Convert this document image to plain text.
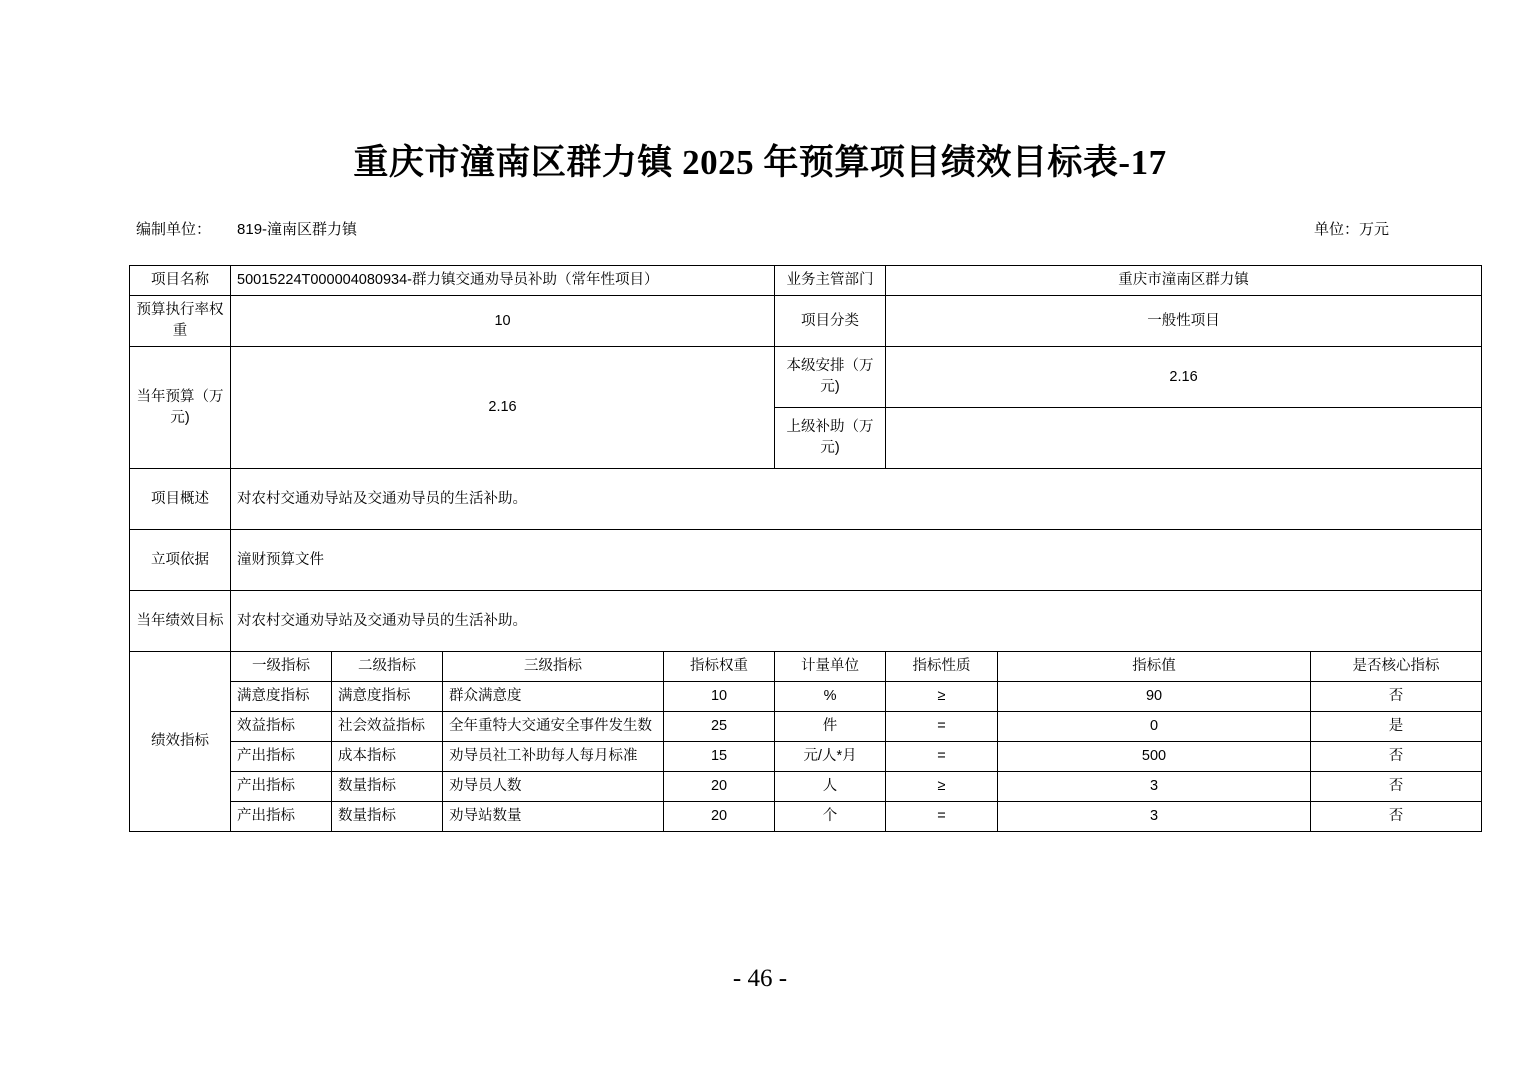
重庆市潼南区群力镇 2025 年预算项目绩效目标表-17
编制单位： 819-潼南区群力镇	单位：万元
项目名称	50015224T000004080934-群力镇交通劝导员补助（常年性项目）				业务主管部门	重庆市潼南区群力镇		
预算执行率权重	10				项目分类	一般性项目		
当年预算（万元)	2.16				本级安排（万元)	2.16		
					上级补助（万元)			
项目概述	对农村交通劝导站及交通劝导员的生活补助。							
立项依据	潼财预算文件							
当年绩效目标	对农村交通劝导站及交通劝导员的生活补助。							
绩效指标	一级指标	二级指标	三级指标	指标权重	计量单位	指标性质	指标值	是否核心指标
	满意度指标	满意度指标	群众满意度	10	%	≥	90	否
	效益指标	社会效益指标	全年重特大交通安全事件发生数	25	件	=	0	是
	产出指标	成本指标	劝导员社工补助每人每月标准	15	元/人*月	=	500	否
	产出指标	数量指标	劝导员人数	20	人	≥	3	否
	产出指标	数量指标	劝导站数量	20	个	=	3	否
- 46 -
